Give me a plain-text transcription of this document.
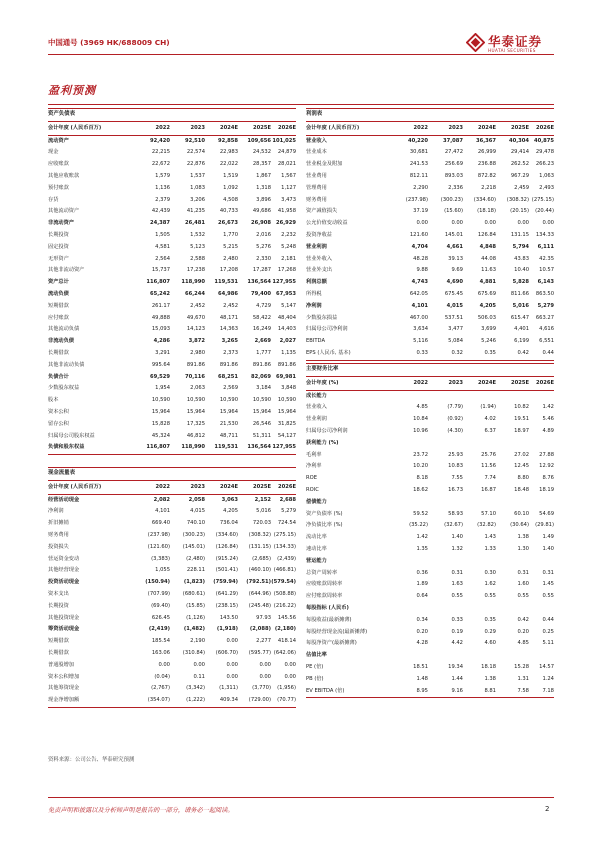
中国通号 (3969 HK/688009 CH)	华泰证券
HUATAI SECURITIES
盈利预测
资产负债表
会计年度 (人民币百万)	2022	2023	2024E	2025E	2026E
流动资产	92,420	92,510	92,858	109,656 101,025
现金	22,215	22,574	22,983	24,532	24,879
应收账款	22,672	22,876	22,022	28,357	28,021
其他应收账款	1,579	1,537	1,519	1,867	1,567
预付账款	1,136	1,083	1,092	1,318	1,127
存货	2,379	3,206	4,508	3,896	3,473
其他流动资产	42,439	41,235	40,733	49,686	41,958
非流动资产	24,387	26,481	26,673	26,908 26,929
长期投资	1,505	1,532	1,770	2,016	2,232
固定投资	4,581	5,123	5,215	5,276	5,248
无形资产	2,564	2,588	2,480	2,330	2,181
其他非流动资产	15,737	17,238	17,208	17,287	17,268
资产总计	116,807	118,990	119,531	136,564 127,955
流动负债	65,242	66,244	64,986	79,400 67,953
短期借款	261.17	2,452	2,452	4,729	5,147
应付账款	49,888	49,670	48,171	58,422	48,404
其他流动负债	15,093	14,123	14,363	16,249	14,403
非流动负债	4,286	3,872	3,265	2,669	2,027
长期借款	3,291	2,980	2,373	1,777	1,135
其他非流动负债	995.64	891.86	891.86	891.86	891.86
负债合计	69,529	70,116	68,251	82,069 69,981
少数股东权益	1,954	2,063	2,569	3,184	3,848
股本	10,590	10,590	10,590	10,590	10,590
资本公积	15,964	15,964	15,964	15,964	15,964
留存公积	15,828	17,325	21,530	26,546	31,825
归属母公司股东权益	45,324	46,812	48,711	51,311	54,127
负债和股东权益	116,807	118,990	119,531	136,564 127,955
利润表
会计年度 (人民币百万)	2022	2023	2024E	2025E	2026E
营业收入	40,220	37,087	36,367	40,304 40,875
营业成本	30,681	27,472	26,999	29,414	29,478
营业税金及附加	241.53	256.69	236.88	262.52	266.23
营业费用	812.11	893.03	872.82	967.29	1,063
管理费用	2,290	2,336	2,218	2,459	2,493
财务费用	(237.98)	(300.23)	(334.60)	(308.32) (275.15)
资产减值损失	37.19	(15.60)	(18.18)	(20.15)	(20.44)
公允价值变动收益	0.00	0.00	0.00	0.00	0.00
投资净收益	121.60	145.01	126.84	131.15	134.33
营业利润	4,704	4,661	4,848	5,794	6,111
营业外收入	48.28	39.13	44.08	43.83	42.35
营业外支出	9.88	9.69	11.63	10.40	10.57
利润总额	4,743	4,690	4,881	5,828	6,143
所得税	642.05	675.45	675.69	811.66	863.50
净利润	4,101	4,015	4,205	5,016	5,279
少数股东损益	467.00	537.51	506.03	615.47	663.27
归属母公司净利润	3,634	3,477	3,699	4,401	4,616
EBITDA	5,116	5,084	5,246	6,199	6,551
EPS (人民币, 基本)	0.33	0.32	0.35	0.42	0.44
主要财务比率
会计年度 (%)	2022	2023	2024E	2025E	2026E
成长能力
营业收入	4.85	(7.79)	(1.94)	10.82	1.42
营业利润	10.84	(0.92)	4.02	19.51	5.46
归属母公司净利润	10.96	(4.30)	6.37	18.97	4.89
获利能力 (%)
毛利率	23.72	25.93	25.76	27.02	27.88
净利率	10.20	10.83	11.56	12.45	12.92
ROE	8.18	7.55	7.74	8.80	8.76
ROIC	18.62	16.73	16.87	18.48	18.19
偿债能力
资产负债率 (%)	59.52	58.93	57.10	60.10	54.69
净负债比率 (%)	(35.22)	(32.67)	(32.82)	(30.64)	(29.81)
流动比率	1.42	1.40	1.43	1.38	1.49
速动比率	1.35	1.32	1.33	1.30	1.40
营运能力
总资产周转率	0.36	0.31	0.30	0.31	0.31
应收账款周转率	1.89	1.63	1.62	1.60	1.45
应付账款周转率	0.64	0.55	0.55	0.55	0.55
每股指标 (人民币)
每股收益(最新摊薄)	0.34	0.33	0.35	0.42	0.44
每股经营现金流(最新摊薄)	0.20	0.19	0.29	0.20	0.25
每股净资产(最新摊薄)	4.28	4.42	4.60	4.85	5.11
估值比率
PE (倍)	18.51	19.34	18.18	15.28	14.57
PB (倍)	1.48	1.44	1.38	1.31	1.24
EV EBITDA (倍)	8.95	9.16	8.81	7.58	7.18
现金流量表
会计年度 (人民币百万)	2022	2023	2024E	2025E	2026E
经营活动现金	2,082	2,058	3,063	2,152	2,688
净利润	4,101	4,015	4,205	5,016	5,279
折旧摊销	669.40	740.10	736.04	720.03	724.54
财务费用	(237.98)	(300.23)	(334.60)	(308.32) (275.15)
投资损失	(121.60)	(145.01)	(126.84)	(131.15) (134.33)
营运资金变动	(3,383)	(2,480)	(915.24)	(2,685)	(2,439)
其他经营现金	1,055	228.11	(501.41)	(460.10) (466.81)
投资活动现金	(150.94)	(1,823)	(759.94)	(792.51) (579.54)
资本支出	(707.99)	(680.61)	(641.29)	(644.96) (508.88)
长期投资	(69.40)	(15.85)	(238.15)	(245.48) (216.22)
其他投资现金	626.45	(1,126)	143.50	97.93	145.56
筹资活动现金	(2,419)	(1,482)	(1,918)	(2,088) (2,180)
短期借款	185.54	2,190	0.00	2,277	418.14
长期借款	163.06	(310.84)	(606.70)	(595.77) (642.06)
普通股增加	0.00	0.00	0.00	0.00	0.00
资本公积增加	(0.04)	0.11	0.00	0.00	0.00
其他筹资现金	(2,767)	(3,342)	(1,311)	(3,770)	(1,956)
现金净增加额	(354.07)	(1,222)	409.34	(729.00)	(70.77)
资料来源：公司公告、华泰研究预测
免责声明和披露以及分析师声明是报告的一部分，请务必一起阅读。	2
